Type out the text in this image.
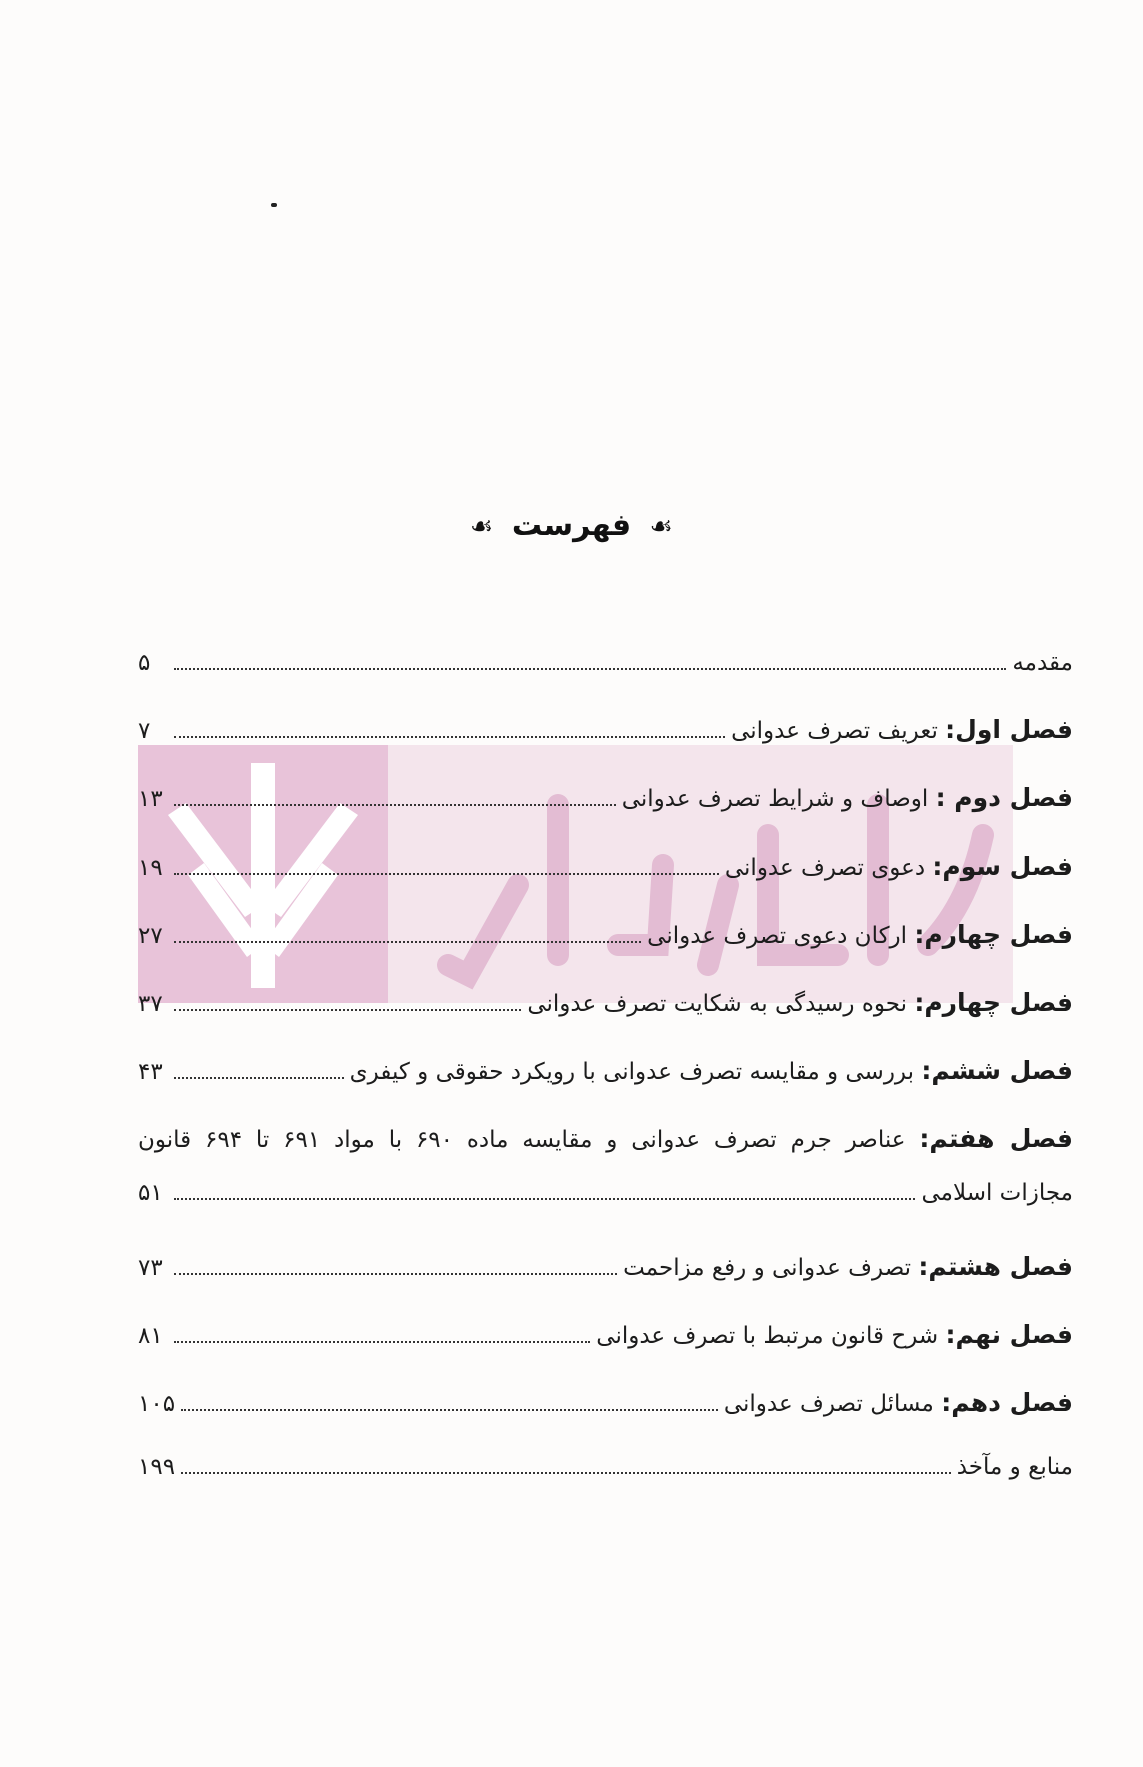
☙ فهرست ☙
مقدمه
۵
فصل اول: تعریف تصرف عدوانی
۷
فصل دوم : اوصاف و شرایط تصرف عدوانی
۱۳
فصل سوم: دعوی تصرف عدوانی
۱۹
فصل چهارم: ارکان دعوی تصرف عدوانی
۲۷
فصل چهارم: نحوه رسیدگی به شکایت تصرف عدوانی
۳۷
فصل ششم: بررسی و مقایسه تصرف عدوانی با رویکرد حقوقی و کیفری
۴۳
فصل هفتم: عناصر جرم تصرف عدوانی و مقایسه ماده ۶۹۰ با مواد ۶۹۱ تا ۶۹۴ قانون
مجازات اسلامی
۵۱
فصل هشتم: تصرف عدوانی و رفع مزاحمت
۷۳
فصل نهم: شرح قانون مرتبط با تصرف عدوانی
۸۱
فصل دهم: مسائل تصرف عدوانی
۱۰۵
منابع و مآخذ
۱۹۹
